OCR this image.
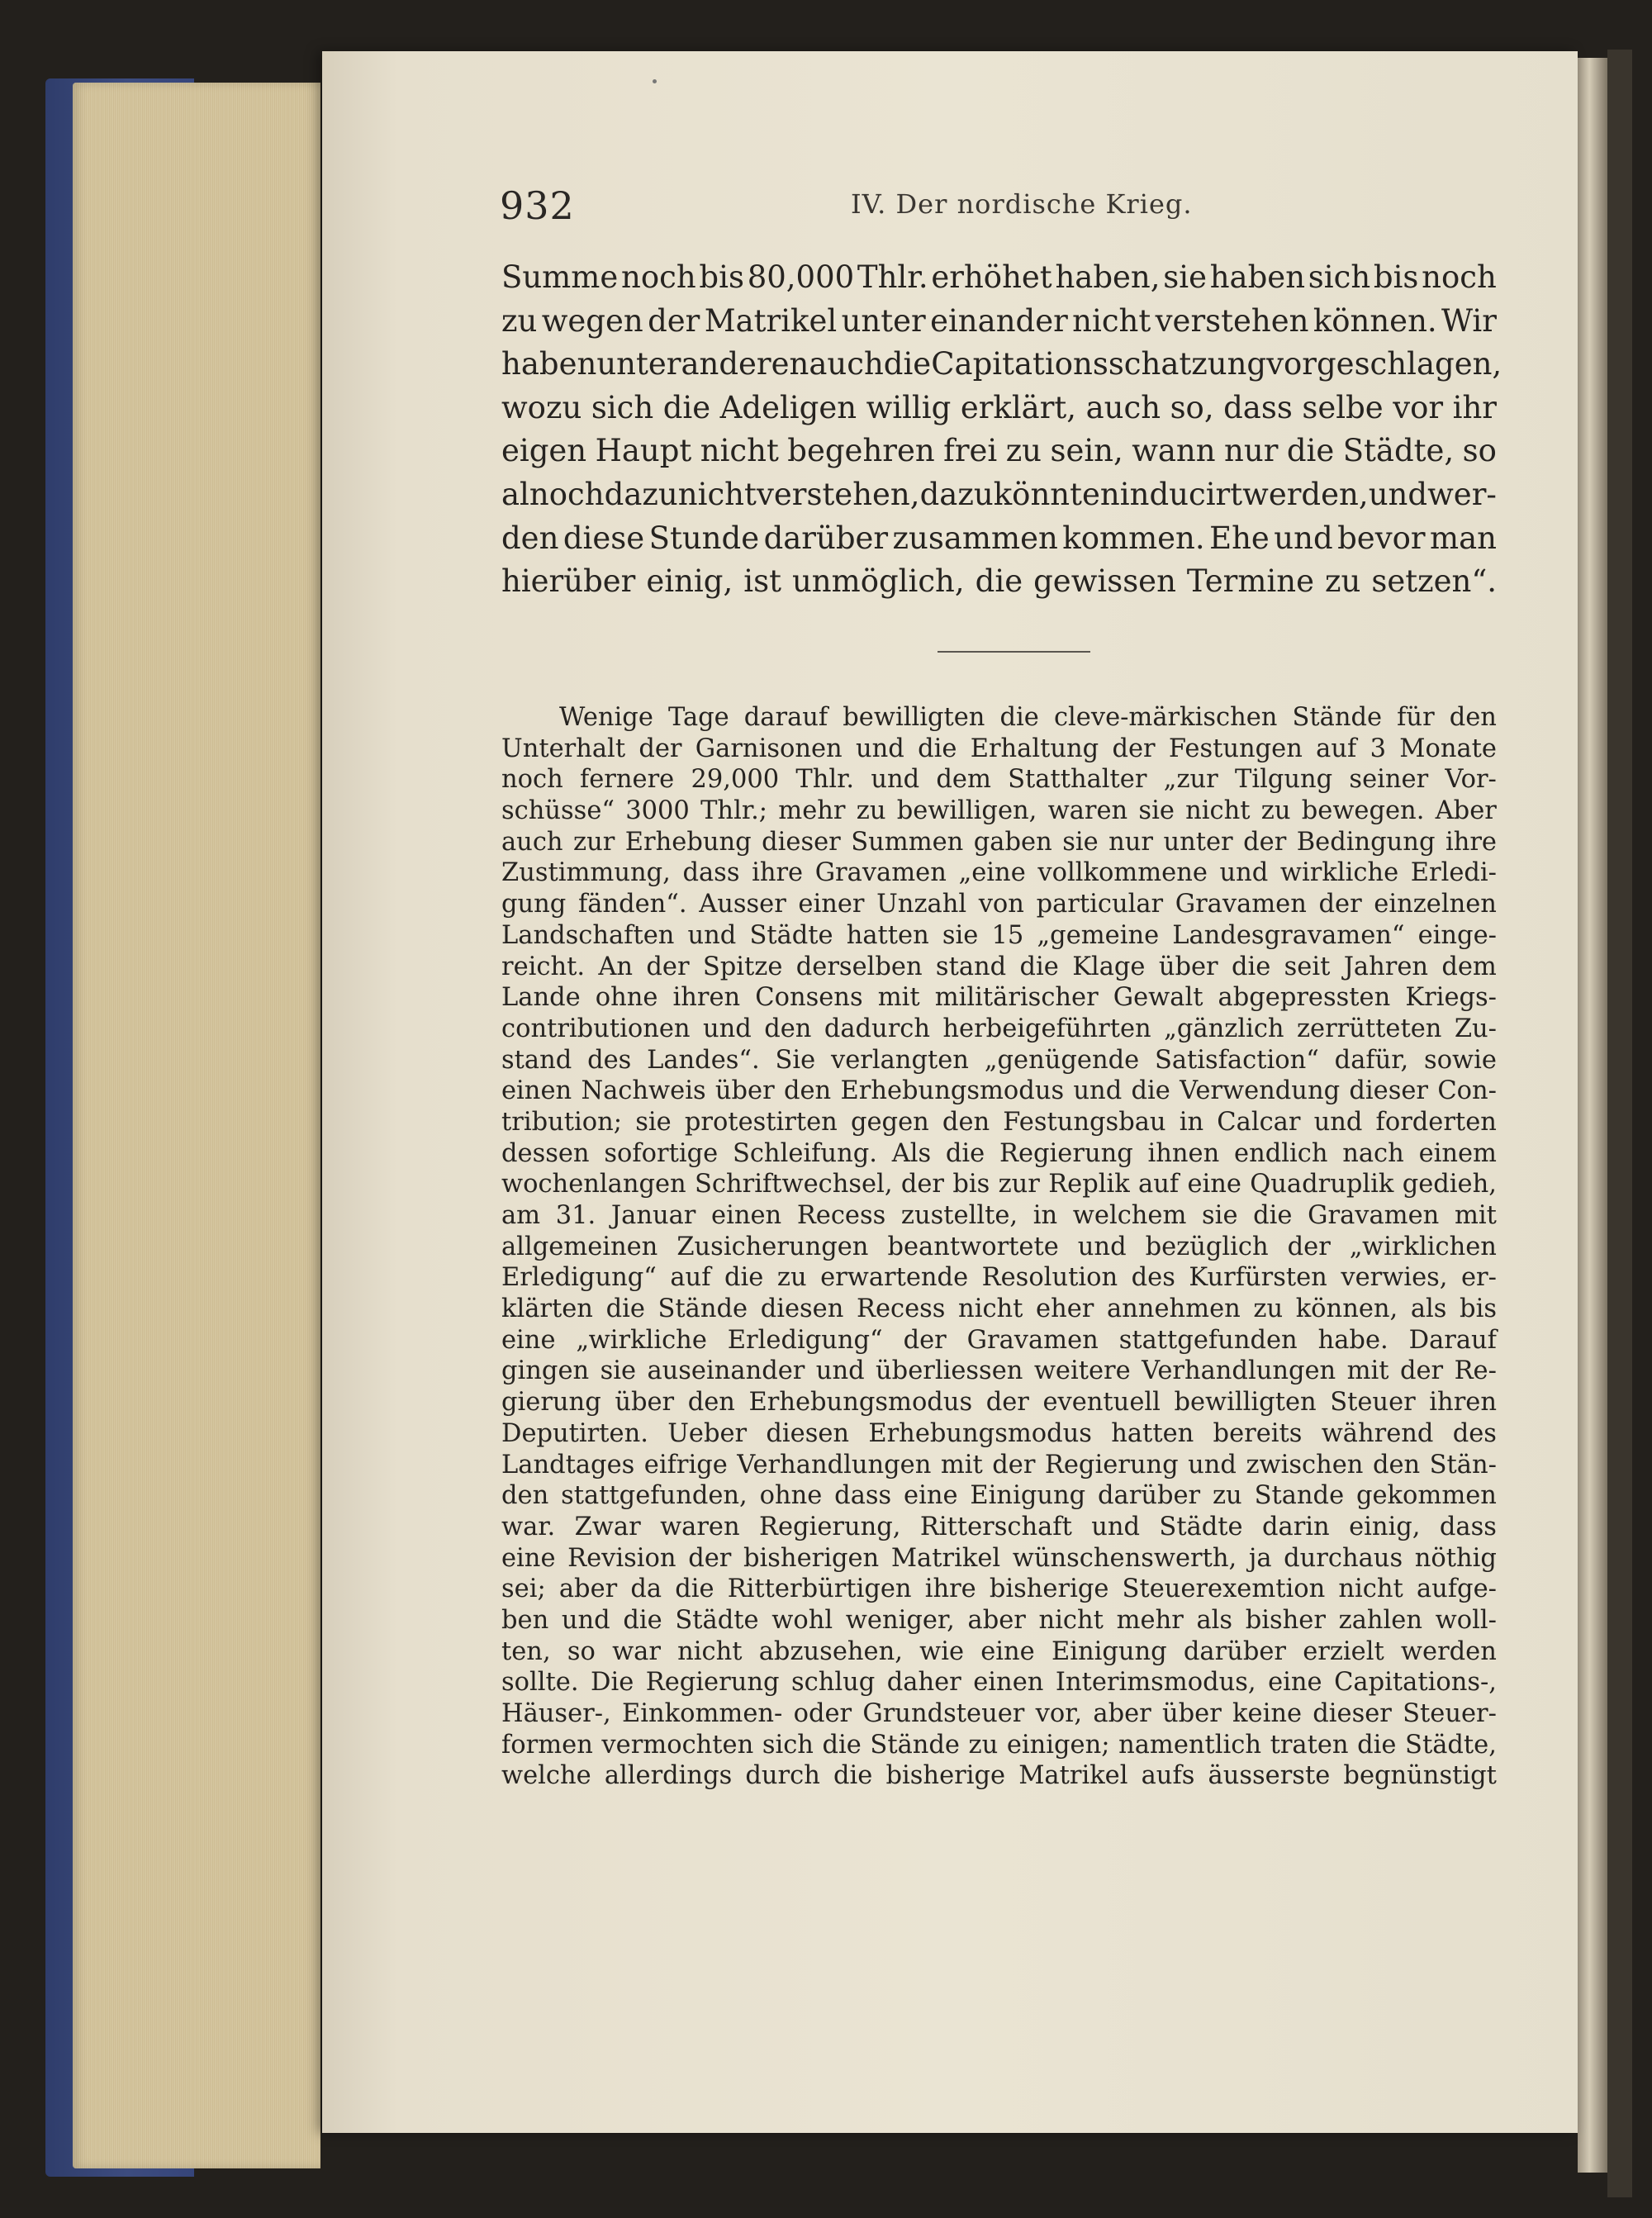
932	IV. Der nordische Krieg.
Summe noch bis 80,000 Thlr. erhöhet haben, sie haben sich bis noch
zu wegen der Matrikel unter einander nicht verstehen können. Wir
haben unter anderen auch die Capitationsschatzung vorgeschlagen,
wozu sich die Adeligen willig erklärt, auch so, dass selbe vor ihr
eigen Haupt nicht begehren frei zu sein, wann nur die Städte, so
alnoch dazu nicht verstehen, dazu könnten inducirt werden, und wer-
den diese Stunde darüber zusammen kommen. Ehe und bevor man
hierüber einig, ist unmöglich, die gewissen Termine zu setzen“.
Wenige Tage darauf bewilligten die cleve-märkischen Stände für den
Unterhalt der Garnisonen und die Erhaltung der Festungen auf 3 Monate
noch fernere 29,000 Thlr. und dem Statthalter „zur Tilgung seiner Vor-
schüsse“ 3000 Thlr.; mehr zu bewilligen, waren sie nicht zu bewegen. Aber
auch zur Erhebung dieser Summen gaben sie nur unter der Bedingung ihre
Zustimmung, dass ihre Gravamen „eine vollkommene und wirkliche Erledi-
gung fänden“. Ausser einer Unzahl von particular Gravamen der einzelnen
Landschaften und Städte hatten sie 15 „gemeine Landesgravamen“ einge-
reicht. An der Spitze derselben stand die Klage über die seit Jahren dem
Lande ohne ihren Consens mit militärischer Gewalt abgepressten Kriegs-
contributionen und den dadurch herbeigeführten „gänzlich zerrütteten Zu-
stand des Landes“. Sie verlangten „genügende Satisfaction“ dafür, sowie
einen Nachweis über den Erhebungsmodus und die Verwendung dieser Con-
tribution; sie protestirten gegen den Festungsbau in Calcar und forderten
dessen sofortige Schleifung. Als die Regierung ihnen endlich nach einem
wochenlangen Schriftwechsel, der bis zur Replik auf eine Quadruplik gedieh,
am 31. Januar einen Recess zustellte, in welchem sie die Gravamen mit
allgemeinen Zusicherungen beantwortete und bezüglich der „wirklichen
Erledigung“ auf die zu erwartende Resolution des Kurfürsten verwies, er-
klärten die Stände diesen Recess nicht eher annehmen zu können, als bis
eine „wirkliche Erledigung“ der Gravamen stattgefunden habe. Darauf
gingen sie auseinander und überliessen weitere Verhandlungen mit der Re-
gierung über den Erhebungsmodus der eventuell bewilligten Steuer ihren
Deputirten. Ueber diesen Erhebungsmodus hatten bereits während des
Landtages eifrige Verhandlungen mit der Regierung und zwischen den Stän-
den stattgefunden, ohne dass eine Einigung darüber zu Stande gekommen
war. Zwar waren Regierung, Ritterschaft und Städte darin einig, dass
eine Revision der bisherigen Matrikel wünschenswerth, ja durchaus nöthig
sei; aber da die Ritterbürtigen ihre bisherige Steuerexemtion nicht aufge-
ben und die Städte wohl weniger, aber nicht mehr als bisher zahlen woll-
ten, so war nicht abzusehen, wie eine Einigung darüber erzielt werden
sollte. Die Regierung schlug daher einen Interimsmodus, eine Capitations-,
Häuser-, Einkommen- oder Grundsteuer vor, aber über keine dieser Steuer-
formen vermochten sich die Stände zu einigen; namentlich traten die Städte,
welche allerdings durch die bisherige Matrikel aufs äusserste begnünstigt
